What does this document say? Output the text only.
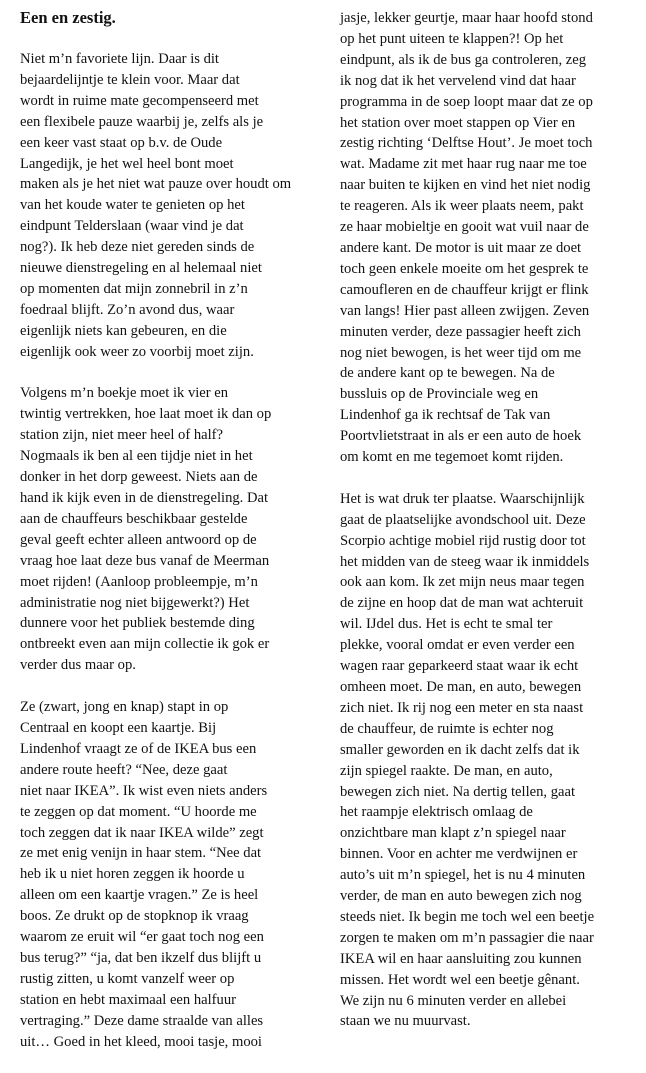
Een en zestig.
Niet m’n favoriete lijn. Daar is dit
bejaardelijntje te klein voor. Maar dat
wordt in ruime mate gecompenseerd met
een flexibele pauze waarbij je, zelfs als je
een keer vast staat op b.v. de Oude
Langedijk, je het wel heel bont moet
maken als je het niet wat pauze over houdt om
van het koude water te genieten op het
eindpunt Telderslaan (waar vind je dat
nog?). Ik heb deze niet gereden sinds de
nieuwe dienstregeling en al helemaal niet
op momenten dat mijn zonnebril in z’n
foedraal blijft. Zo’n avond dus, waar
eigenlijk niets kan gebeuren, en die
eigenlijk ook weer zo voorbij moet zijn.
Volgens m’n boekje moet ik vier en
twintig vertrekken, hoe laat moet ik dan op
station zijn, niet meer heel of half?
Nogmaals ik ben al een tijdje niet in het
donker in het dorp geweest. Niets aan de
hand ik kijk even in de dienstregeling. Dat
aan de chauffeurs beschikbaar gestelde
geval geeft echter alleen antwoord op de
vraag hoe laat deze bus vanaf de Meerman
moet rijden! (Aanloop probleempje, m’n
administratie nog niet bijgewerkt?) Het
dunnere voor het publiek bestemde ding
ontbreekt even aan mijn collectie ik gok er
verder dus maar op.
Ze (zwart, jong en knap) stapt in op
Centraal en koopt een kaartje. Bij
Lindenhof vraagt ze of de IKEA bus een
andere route heeft? “Nee, deze gaat
niet naar IKEA”. Ik wist even niets anders
te zeggen op dat moment. “U hoorde me
toch zeggen dat ik naar IKEA wilde” zegt
ze met enig venijn in haar stem. “Nee dat
heb ik u niet horen zeggen ik hoorde u
alleen om een kaartje vragen.” Ze is heel
boos. Ze drukt op de stopknop ik vraag
waarom ze eruit wil “er gaat toch nog een
bus terug?” “ja, dat ben ikzelf dus blijft u
rustig zitten, u komt vanzelf weer op
station en hebt maximaal een halfuur
vertraging.” Deze dame straalde van alles
uit… Goed in het kleed, mooi tasje, mooi
jasje, lekker geurtje, maar haar hoofd stond
op het punt uiteen te klappen?! Op het
eindpunt, als ik de bus ga controleren, zeg
ik nog dat ik het vervelend vind dat haar
programma in de soep loopt maar dat ze op
het station over moet stappen op Vier en
zestig richting ‘Delftse Hout’. Je moet toch
wat. Madame zit met haar rug naar me toe
naar buiten te kijken en vind het niet nodig
te reageren. Als ik weer plaats neem, pakt
ze haar mobieltje en gooit wat vuil naar de
andere kant. De motor is uit maar ze doet
toch geen enkele moeite om het gesprek te
camoufleren en de chauffeur krijgt er flink
van langs! Hier past alleen zwijgen. Zeven
minuten verder, deze passagier heeft zich
nog niet bewogen, is het weer tijd om me
de andere kant op te bewegen. Na de
bussluis op de Provinciale weg en
Lindenhof ga ik rechtsaf de Tak van
Poortvlietstraat in als er een auto de hoek
om komt en me tegemoet komt rijden.
Het is wat druk ter plaatse. Waarschijnlijk
gaat de plaatselijke avondschool uit. Deze
Scorpio achtige mobiel rijd rustig door tot
het midden van de steeg waar ik inmiddels
ook aan kom. Ik zet mijn neus maar tegen
de zijne en hoop dat de man wat achteruit
wil. IJdel dus. Het is echt te smal ter
plekke, vooral omdat er even verder een
wagen raar geparkeerd staat waar ik echt
omheen moet. De man, en auto, bewegen
zich niet. Ik rij nog een meter en sta naast
de chauffeur, de ruimte is echter nog
smaller geworden en ik dacht zelfs dat ik
zijn spiegel raakte. De man, en auto,
bewegen zich niet. Na dertig tellen, gaat
het raampje elektrisch omlaag de
onzichtbare man klapt z’n spiegel naar
binnen. Voor en achter me verdwijnen er
auto’s uit m’n spiegel, het is nu 4 minuten
verder, de man en auto bewegen zich nog
steeds niet. Ik begin me toch wel een beetje
zorgen te maken om m’n passagier die naar
IKEA wil en haar aansluiting zou kunnen
missen. Het wordt wel een beetje gênant.
We zijn nu 6 minuten verder en allebei
staan we nu muurvast.
